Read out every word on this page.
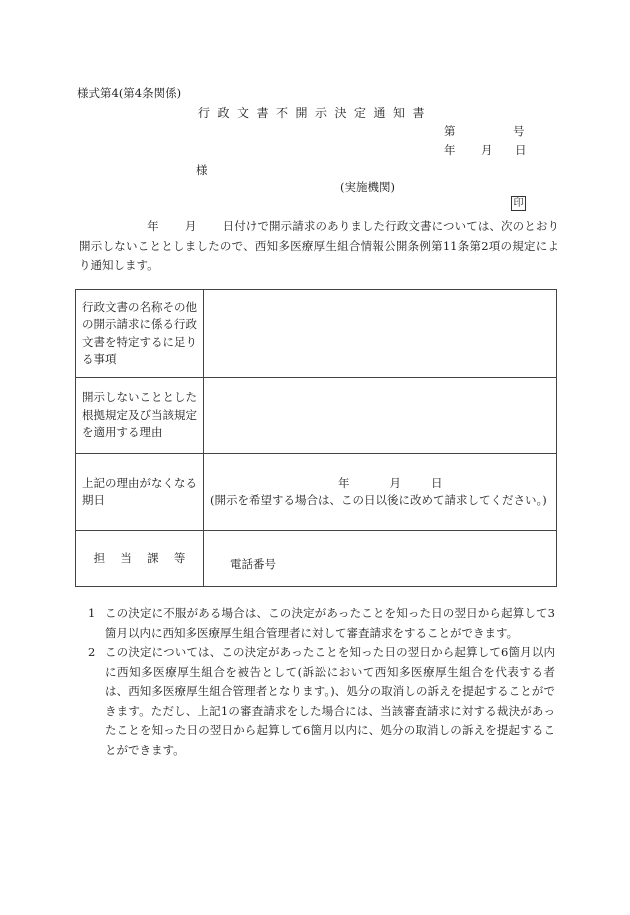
様式第4(第4条関係)
行政文書不開示決定通知書
第	号
年 月 日
様
(実施機関)
印
年 月 日付けで開示請求のありました行政文書については、次のとおり開示しないこととしましたので、西知多医療厚生組合情報公開条例第11条第2項の規定により通知します。
行政文書の名称その他の開示請求に係る行政文書を特定するに足りる事項	
開示しないこととした根拠規定及び当該規定を適用する理由	
上記の理由がなくなる期日	年 月 日
(開示を希望する場合は、この日以後に改めて請求してください。)

担 当 課 等	電話番号
1 この決定に不服がある場合は、この決定があったことを知った日の翌日から起算して3箇月以内に西知多医療厚生組合管理者に対して審査請求をすることができます。
2 この決定については、この決定があったことを知った日の翌日から起算して6箇月以内に西知多医療厚生組合を被告として(訴訟において西知多医療厚生組合を代表する者は、西知多医療厚生組合管理者となります。)、処分の取消しの訴えを提起することができます。ただし、上記1の審査請求をした場合には、当該審査請求に対する裁決があったことを知った日の翌日から起算して6箇月以内に、処分の取消しの訴えを提起することができます。
